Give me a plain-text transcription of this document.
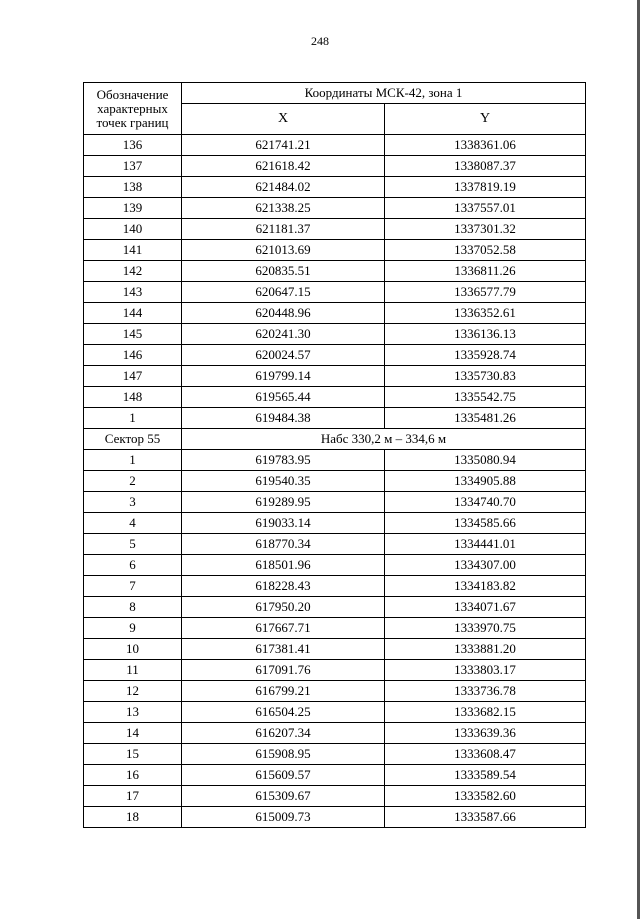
248
Обозначение
характерных
точек границ	Координаты МСК-42, зона 1	
	X	Y
136	621741.21	1338361.06
137	621618.42	1338087.37
138	621484.02	1337819.19
139	621338.25	1337557.01
140	621181.37	1337301.32
141	621013.69	1337052.58
142	620835.51	1336811.26
143	620647.15	1336577.79
144	620448.96	1336352.61
145	620241.30	1336136.13
146	620024.57	1335928.74
147	619799.14	1335730.83
148	619565.44	1335542.75
1	619484.38	1335481.26
Сектор 55	Набс 330,2 м – 334,6 м	
1	619783.95	1335080.94
2	619540.35	1334905.88
3	619289.95	1334740.70
4	619033.14	1334585.66
5	618770.34	1334441.01
6	618501.96	1334307.00
7	618228.43	1334183.82
8	617950.20	1334071.67
9	617667.71	1333970.75
10	617381.41	1333881.20
11	617091.76	1333803.17
12	616799.21	1333736.78
13	616504.25	1333682.15
14	616207.34	1333639.36
15	615908.95	1333608.47
16	615609.57	1333589.54
17	615309.67	1333582.60
18	615009.73	1333587.66
